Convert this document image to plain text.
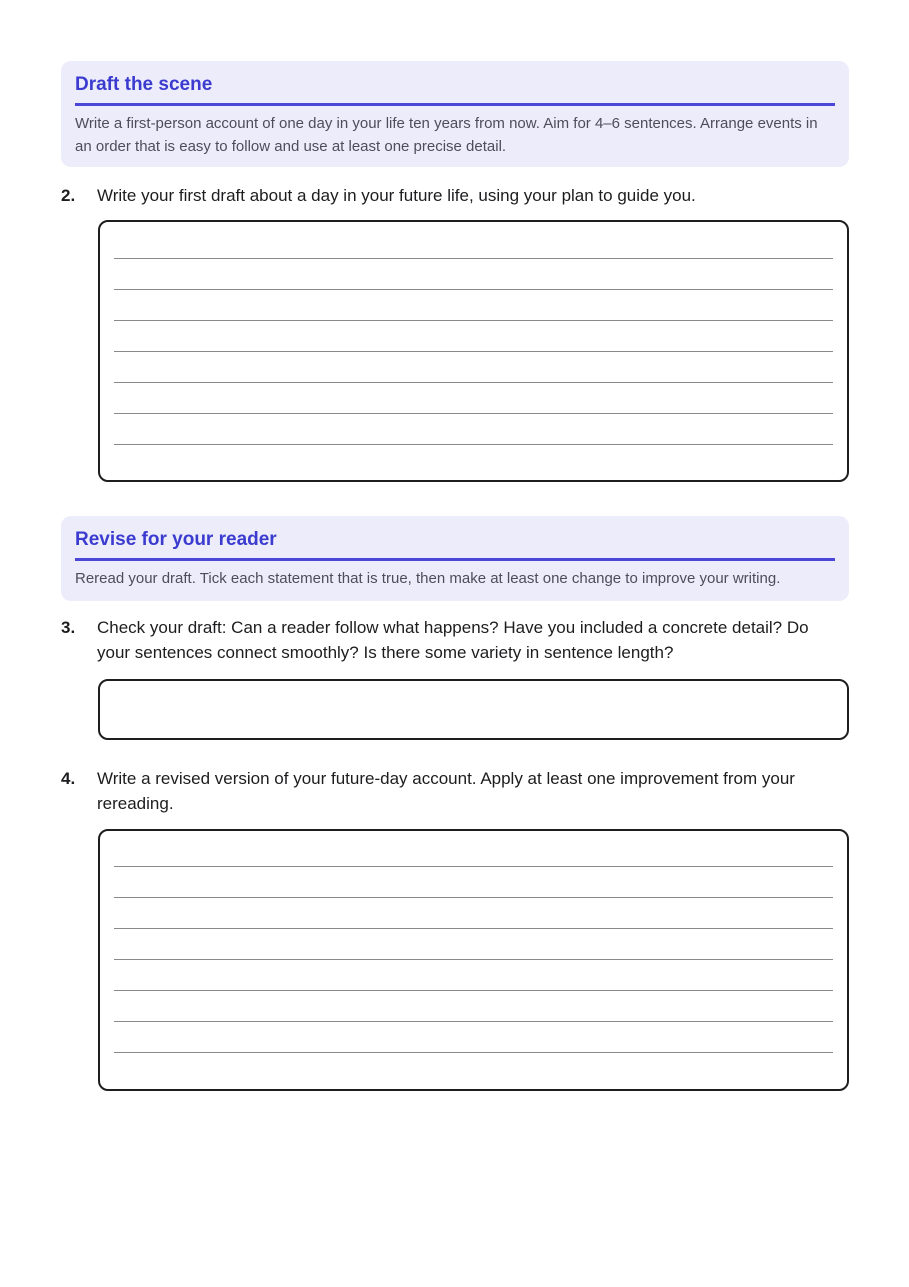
Draft the scene
Write a first-person account of one day in your life ten years from now. Aim for 4–6 sentences. Arrange events in an order that is easy to follow and use at least one precise detail.
2. Write your first draft about a day in your future life, using your plan to guide you.
Revise for your reader
Reread your draft. Tick each statement that is true, then make at least one change to improve your writing.
3. Check your draft: Can a reader follow what happens? Have you included a concrete detail? Do your sentences connect smoothly? Is there some variety in sentence length?
4. Write a revised version of your future-day account. Apply at least one improvement from your rereading.
